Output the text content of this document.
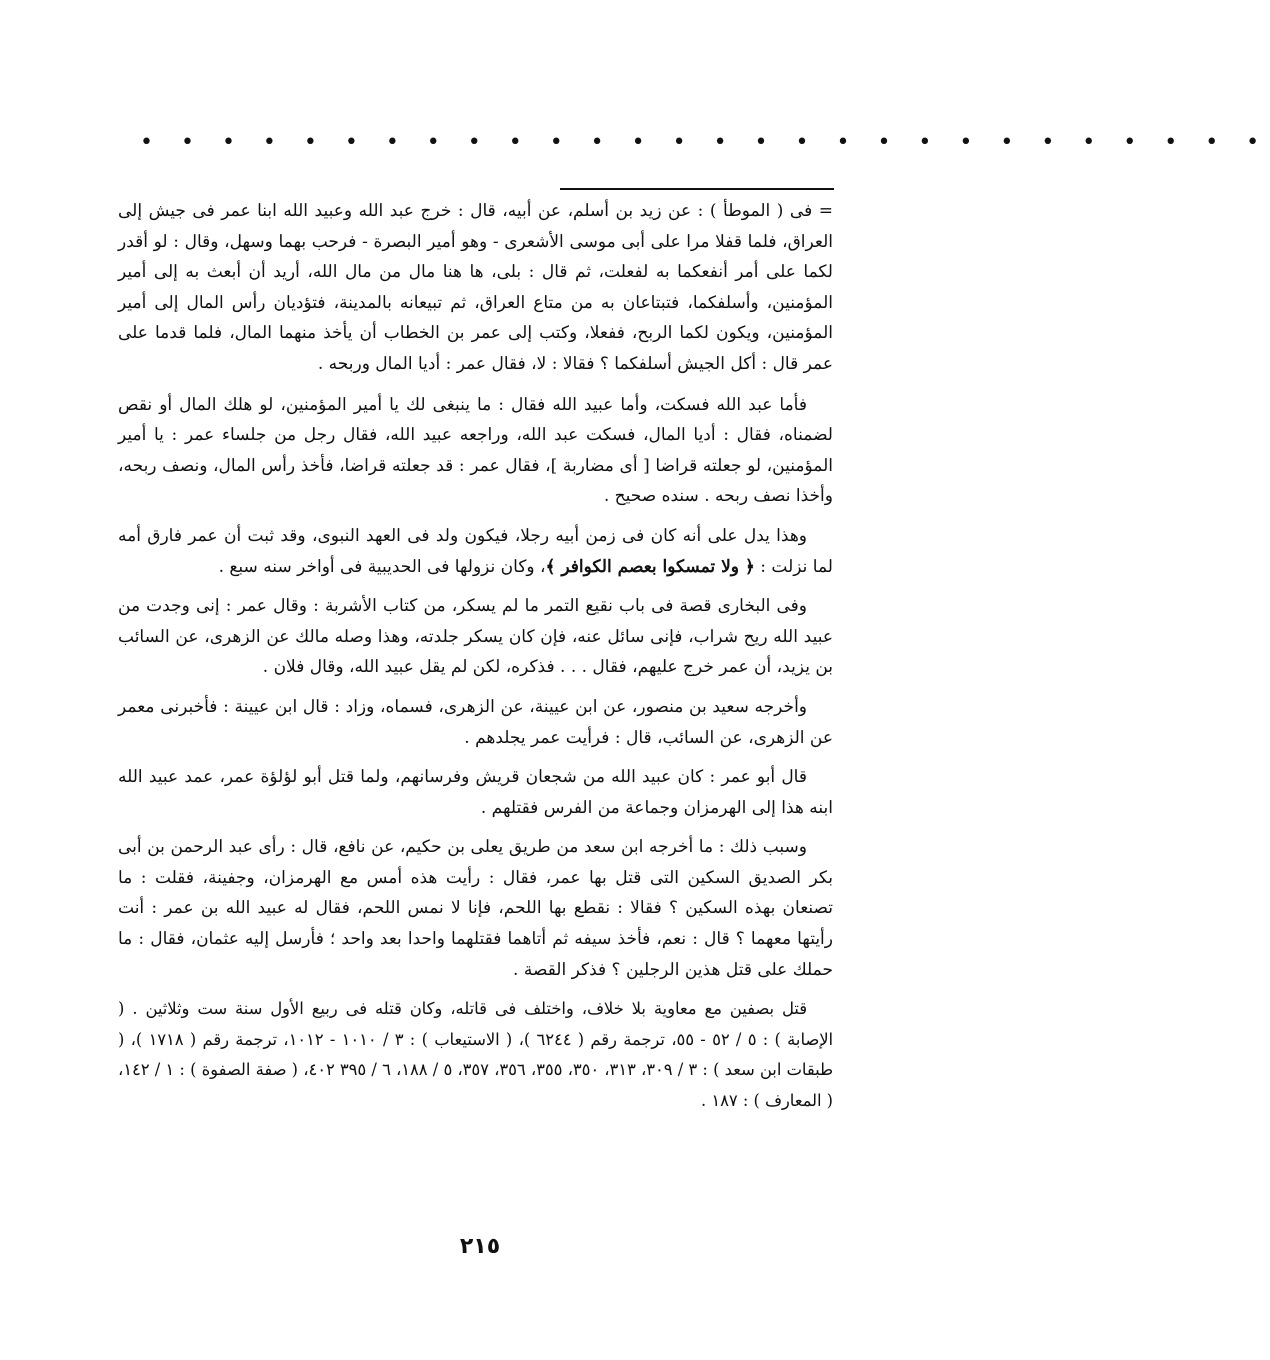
• • • • • • • • • • • • • • • • • • • • • • • • • • • •

= فى ( الموطأ ) : عن زيد بن أسلم، عن أبيه، قال : خرج عبد الله وعبيد الله ابنا عمر فى جيش إلى العراق، فلما قفلا مرا على أبى موسى الأشعرى - وهو أمير البصرة - فرحب بهما وسهل، وقال : لو أقدر لكما على أمر أنفعكما به لفعلت، ثم قال : بلى، ها هنا مال من مال الله، أريد أن أبعث به إلى أمير المؤمنين، وأسلفكما، فتبتاعان به من متاع العراق، ثم تبيعانه بالمدينة، فتؤديان رأس المال إلى أمير المؤمنين، ويكون لكما الربح، ففعلا، وكتب إلى عمر بن الخطاب أن يأخذ منهما المال، فلما قدما على عمر قال : أكل الجيش أسلفكما ؟ فقالا : لا، فقال عمر : أديا المال وربحه .

فأما عبد الله فسكت، وأما عبيد الله فقال : ما ينبغى لك يا أمير المؤمنين، لو هلك المال أو نقص لضمناه، فقال : أديا المال، فسكت عبد الله، وراجعه عبيد الله، فقال رجل من جلساء عمر : يا أمير المؤمنين، لو جعلته قراضا [ أى مضاربة ]، فقال عمر : قد جعلته قراضا، فأخذ رأس المال، ونصف ربحه، وأخذا نصف ربحه . سنده صحيح .

وهذا يدل على أنه كان فى زمن أبيه رجلا، فيكون ولد فى العهد النبوى، وقد ثبت أن عمر فارق أمه لما نزلت : ﴿ ولا تمسكوا بعصم الكوافر ﴾، وكان نزولها فى الحديبية فى أواخر سنه سبع .

وفى البخارى قصة فى باب نقيع التمر ما لم يسكر، من كتاب الأشربة : وقال عمر : إنى وجدت من عبيد الله ريح شراب، فإنى سائل عنه، فإن كان يسكر جلدته، وهذا وصله مالك عن الزهرى، عن السائب بن يزيد، أن عمر خرج عليهم، فقال . . . فذكره، لكن لم يقل عبيد الله، وقال فلان .

وأخرجه سعيد بن منصور، عن ابن عيينة، عن الزهرى، فسماه، وزاد : قال ابن عيينة : فأخبرنى معمر عن الزهرى، عن السائب، قال : فرأيت عمر يجلدهم .

قال أبو عمر : كان عبيد الله من شجعان قريش وفرسانهم، ولما قتل أبو لؤلؤة عمر، عمد عبيد الله ابنه هذا إلى الهرمزان وجماعة من الفرس فقتلهم .

وسبب ذلك : ما أخرجه ابن سعد من طريق يعلى بن حكيم، عن نافع، قال : رأى عبد الرحمن بن أبى بكر الصديق السكين التى قتل بها عمر، فقال : رأيت هذه أمس مع الهرمزان، وجفينة، فقلت : ما تصنعان بهذه السكين ؟ فقالا : نقطع بها اللحم، فإنا لا نمس اللحم، فقال له عبيد الله بن عمر : أنت رأيتها معهما ؟ قال : نعم، فأخذ سيفه ثم أتاهما فقتلهما واحدا بعد واحد ؛ فأرسل إليه عثمان، فقال : ما حملك على قتل هذين الرجلين ؟ فذكر القصة .

قتل بصفين مع معاوية بلا خلاف، واختلف فى قاتله، وكان قتله فى ربيع الأول سنة ست وثلاثين . ( الإصابة ) : ٥ / ٥٢ - ٥٥، ترجمة رقم ( ٦٢٤٤ )، ( الاستيعاب ) : ٣ / ١٠١٠ - ١٠١٢، ترجمة رقم ( ١٧١٨ )، ( طبقات ابن سعد ) : ٣ / ٣٠٩، ٣١٣، ٣٥٠، ٣٥٥، ٣٥٦، ٣٥٧، ٥ / ١٨٨، ٦ / ٣٩٥ ٤٠٢، ( صفة الصفوة ) : ١ / ١٤٢، ( المعارف ) : ١٨٧ .

٢١٥
